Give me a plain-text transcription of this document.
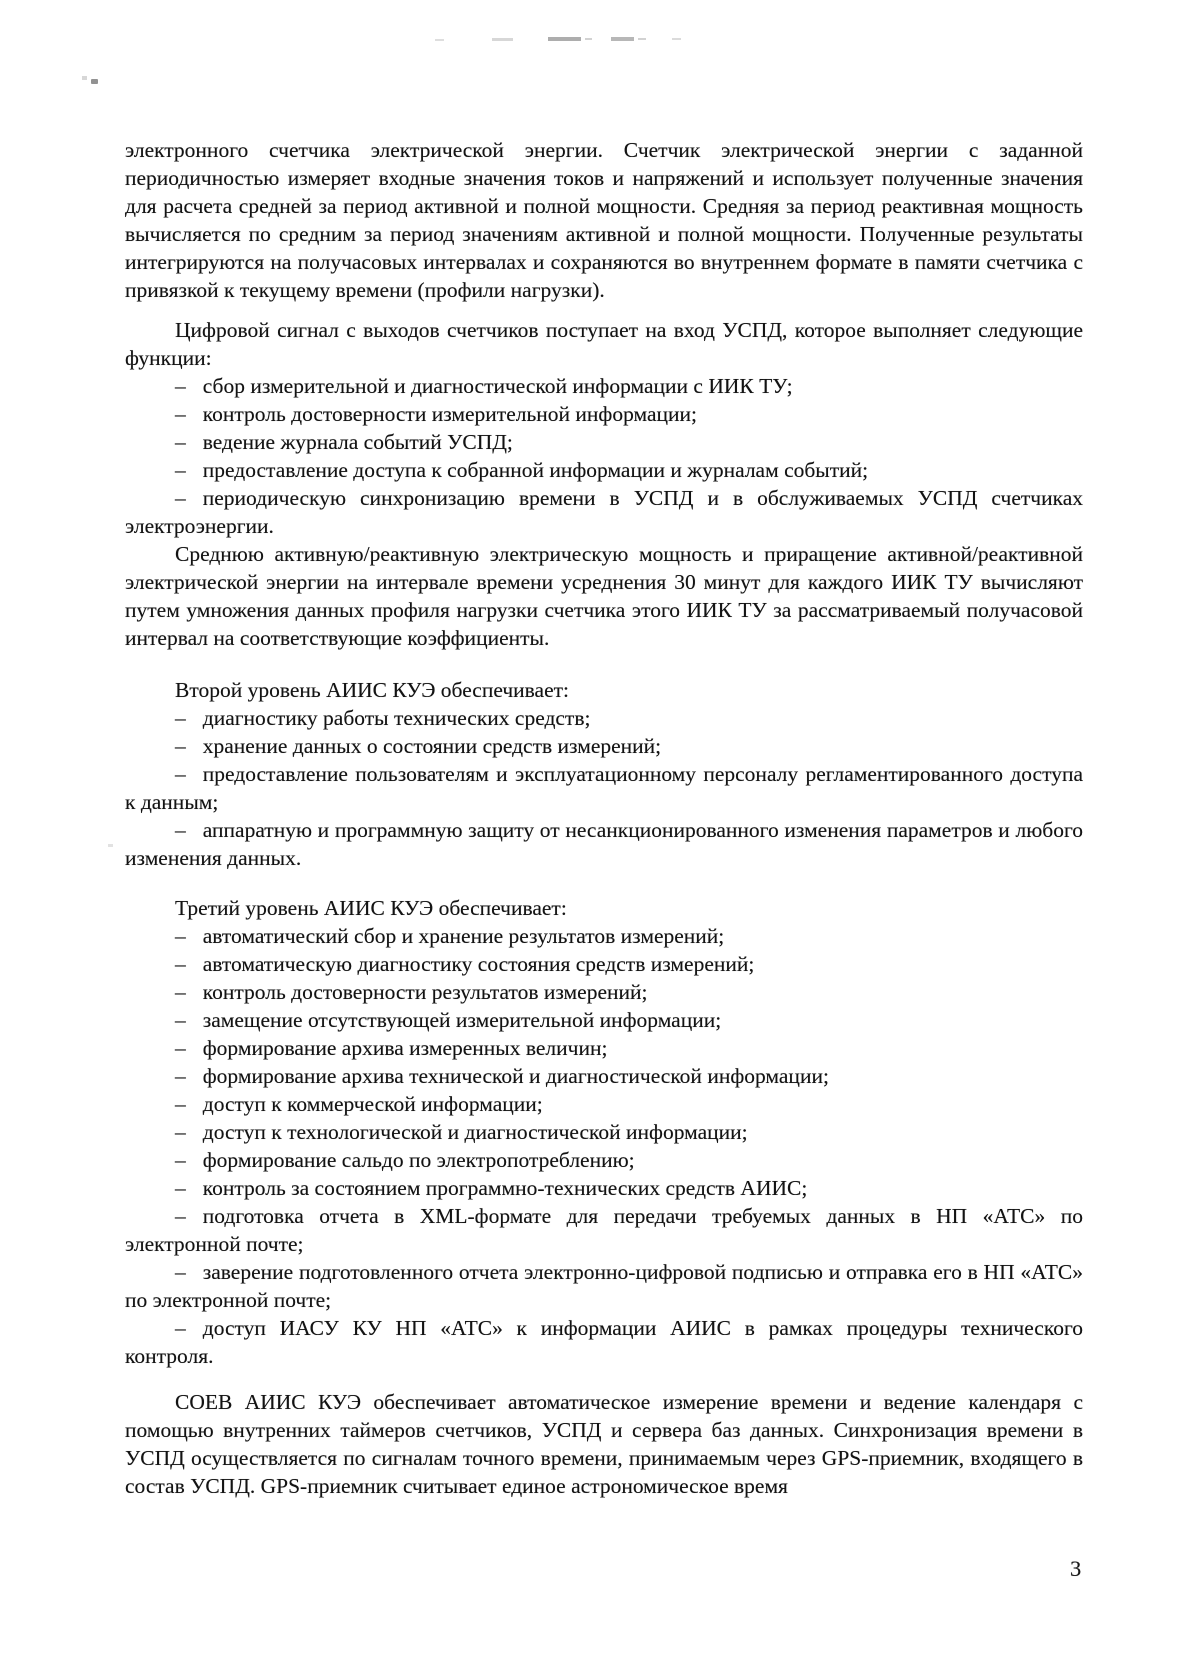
электронного счетчика электрической энергии. Счетчик электрической энергии с заданной периодичностью измеряет входные значения токов и напряжений и использует полученные значения для расчета средней за период активной и полной мощности. Средняя за период реактивная мощность вычисляется по средним за период значениям активной и полной мощности. Полученные результаты интегрируются на получасовых интервалах и сохраняются во внутреннем формате в памяти счетчика с привязкой к текущему времени (профили нагрузки).

Цифровой сигнал с выходов счетчиков поступает на вход УСПД, которое выполняет следующие функции:

– сбор измерительной и диагностической информации с ИИК ТУ;

– контроль достоверности измерительной информации;

– ведение журнала событий УСПД;

– предоставление доступа к собранной информации и журналам событий;

– периодическую синхронизацию времени в УСПД и в обслуживаемых УСПД счетчиках электроэнергии.

Среднюю активную/реактивную электрическую мощность и приращение активной/реактивной электрической энергии на интервале времени усреднения 30 минут для каждого ИИК ТУ вычисляют путем умножения данных профиля нагрузки счетчика этого ИИК ТУ за рассматриваемый получасовой интервал на соответствующие коэффициенты.

Второй уровень АИИС КУЭ обеспечивает:

– диагностику работы технических средств;

– хранение данных о состоянии средств измерений;

– предоставление пользователям и эксплуатационному персоналу регламентированного доступа к данным;

– аппаратную и программную защиту от несанкционированного изменения параметров и любого изменения данных.

Третий уровень АИИС КУЭ обеспечивает:

– автоматический сбор и хранение результатов измерений;

– автоматическую диагностику состояния средств измерений;

– контроль достоверности результатов измерений;

– замещение отсутствующей измерительной информации;

– формирование архива измеренных величин;

– формирование архива технической и диагностической информации;

– доступ к коммерческой информации;

– доступ к технологической и диагностической информации;

– формирование сальдо по электропотреблению;

– контроль за состоянием программно-технических средств АИИС;

– подготовка отчета в XML-формате для передачи требуемых данных в НП «АТС» по электронной почте;

– заверение подготовленного отчета электронно-цифровой подписью и отправка его в НП «АТС» по электронной почте;

– доступ ИАСУ КУ НП «АТС» к информации АИИС в рамках процедуры технического контроля.

СОЕВ АИИС КУЭ обеспечивает автоматическое измерение времени и ведение календаря с помощью внутренних таймеров счетчиков, УСПД и сервера баз данных. Синхронизация времени в УСПД осуществляется по сигналам точного времени, принимаемым через GPS-приемник, входящего в состав УСПД. GPS-приемник считывает единое астрономическое время

3
